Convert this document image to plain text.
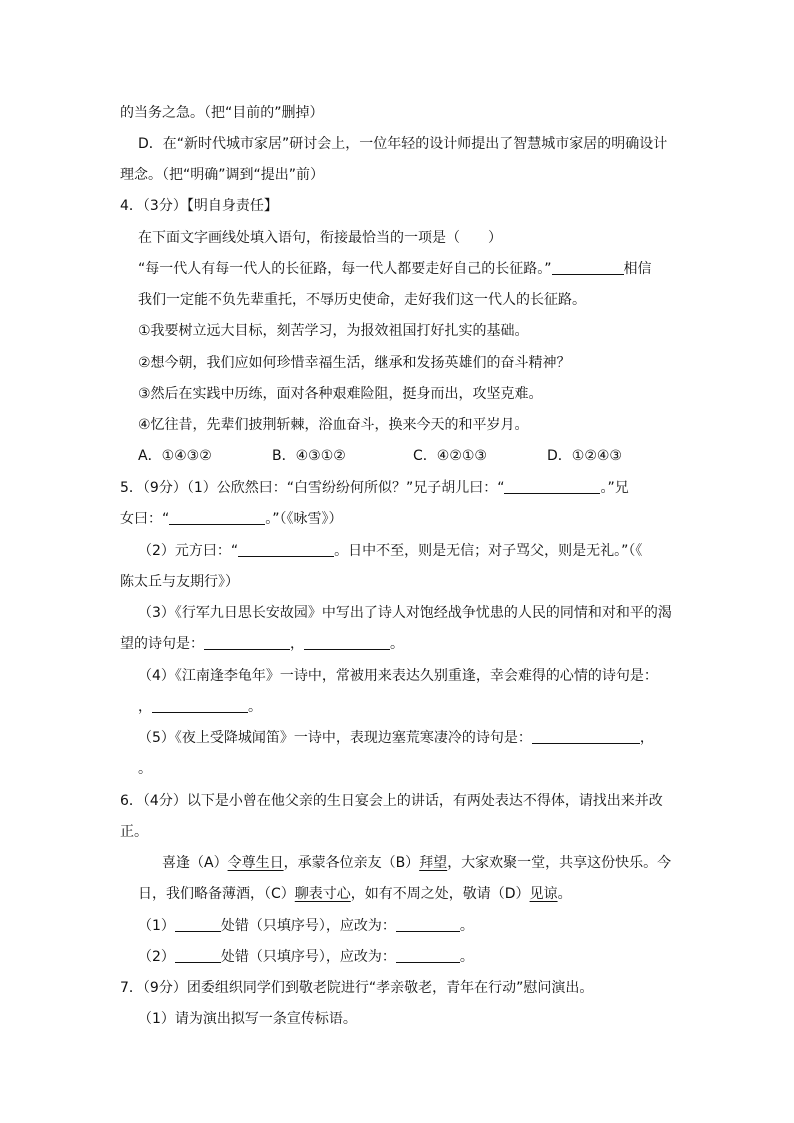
的当务之急。（把“目前的”删掉）
D．在“新时代城市家居”研讨会上，一位年轻的设计师提出了智慧城市家居的明确设计
理念。（把“明确”调到“提出”前）
4．（3分）【明自身责任】
在下面文字画线处填入语句，衔接最恰当的一项是（　　）
“每一代人有每一代人的长征路，每一代人都要走好自己的长征路。”	相信
我们一定能不负先辈重托，不辱历史使命，走好我们这一代人的长征路。
①我要树立远大目标，刻苦学习，为报效祖国打好扎实的基础。
②想今朝，我们应如何珍惜幸福生活，继承和发扬英雄们的奋斗精神？
③然后在实践中历练，面对各种艰难险阻，挺身而出，攻坚克难。
④忆往昔，先辈们披荆斩棘，浴血奋斗，换来今天的和平岁月。
A．①④③②	B．④③①②	C．④②①③	D．①②④③
5．（9分）（1）公欣然曰：“白雪纷纷何所似？”兄子胡儿曰：“	。”兄
女曰：“	。”（《咏雪》）
（2）元方曰：“	。日中不至，则是无信；对子骂父，则是无礼。”（《
陈太丘与友期行》）
（3）《行军九日思长安故园》中写出了诗人对饱经战争忧患的人民的同情和对和平的渴
望的诗句是：	，	。
（4）《江南逢李龟年》一诗中，常被用来表达久别重逢，幸会难得的心情的诗句是：
，	。
（5）《夜上受降城闻笛》一诗中，表现边塞荒寒凄冷的诗句是：	，
。
6．（4分）以下是小曾在他父亲的生日宴会上的讲话，有两处表达不得体，请找出来并改
正。
喜逢（A）令尊生日，承蒙各位亲友（B）拜望，大家欢聚一堂，共享这份快乐。今
日，我们略备薄酒，（C）聊表寸心，如有不周之处，敬请（D）见谅。
（1）	处错（只填序号），应改为：	。
（2）	处错（只填序号），应改为：	。
7．（9分）团委组织同学们到敬老院进行“孝亲敬老，青年在行动”慰问演出。
（1）请为演出拟写一条宣传标语。
